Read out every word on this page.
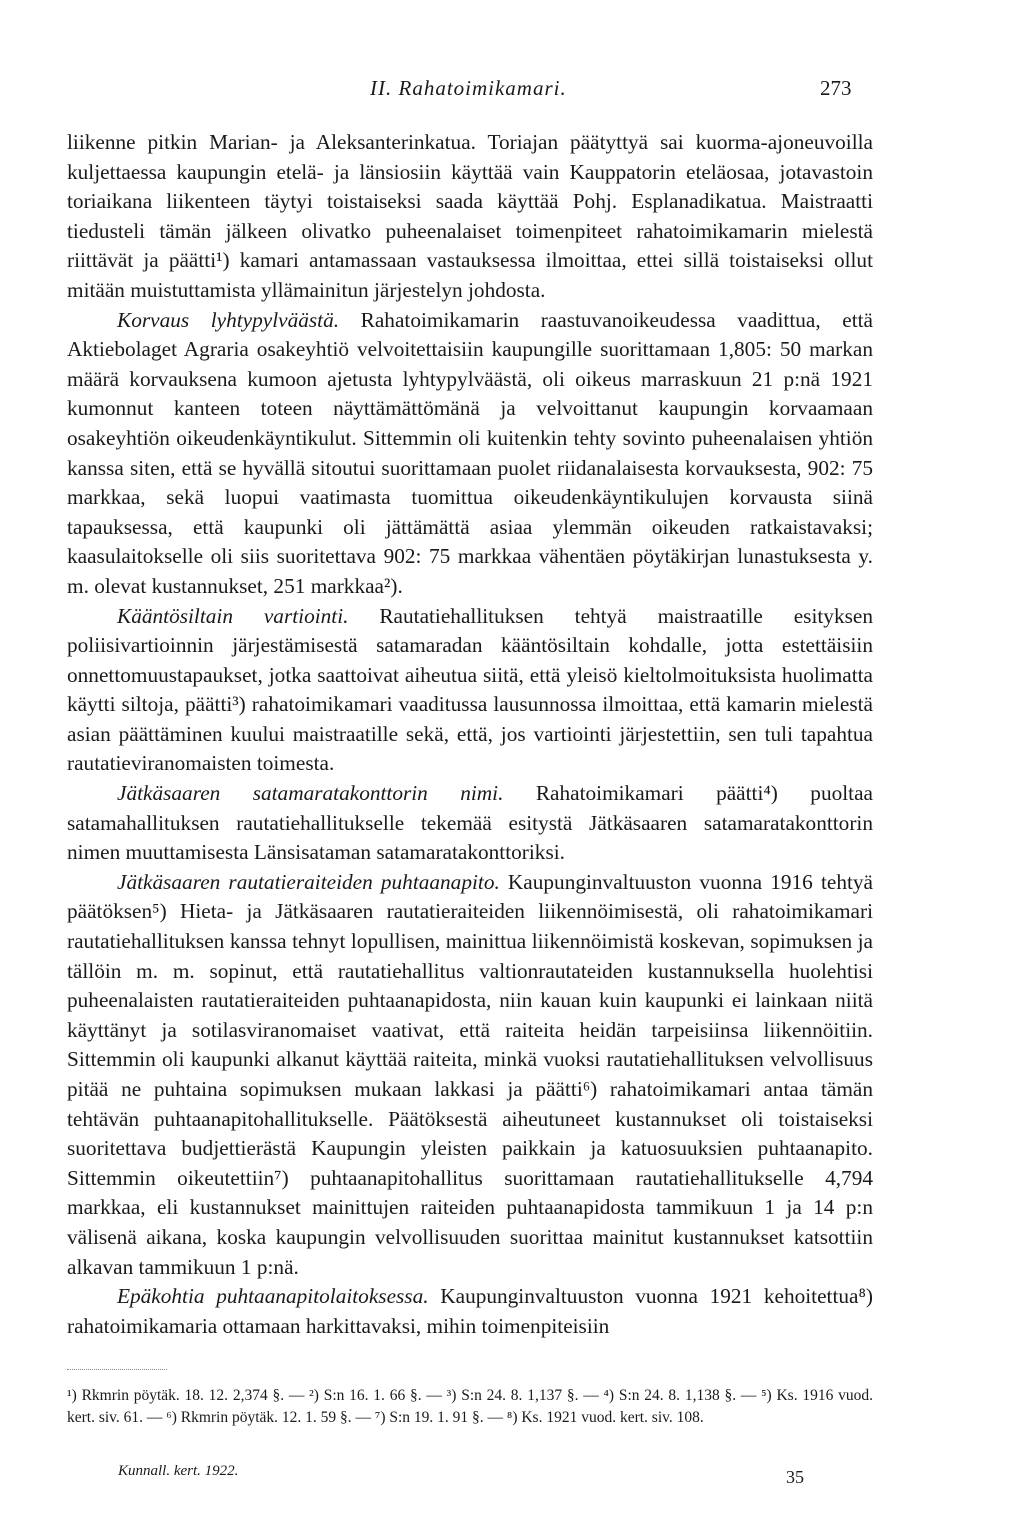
II. Rahatoimikamari.	273

liikenne pitkin Marian- ja Aleksanterinkatua. Toriajan päätyttyä sai kuorma-ajoneuvoilla kuljettaessa kaupungin etelä- ja länsiosiin käyttää vain Kauppatorin eteläosaa, jotavastoin toriaikana liikenteen täytyi toistaiseksi saada käyttää Pohj. Esplanadikatua. Maistraatti tiedusteli tämän jälkeen olivatko puheenalaiset toimenpiteet rahatoimikamarin mielestä riittävät ja päätti¹) kamari antamassaan vastauksessa ilmoittaa, ettei sillä toistaiseksi ollut mitään muistuttamista yllämainitun järjestelyn johdosta.

Korvaus lyhtypylväästä. Rahatoimikamarin raastuvanoikeudessa vaadittua, että Aktiebolaget Agraria osakeyhtiö velvoitettaisiin kaupungille suorittamaan 1,805: 50 markan määrä korvauksena kumoon ajetusta lyhtypylväästä, oli oikeus marraskuun 21 p:nä 1921 kumonnut kanteen toteen näyttämättömänä ja velvoittanut kaupungin korvaamaan osakeyhtiön oikeudenkäyntikulut. Sittemmin oli kuitenkin tehty sovinto puheenalaisen yhtiön kanssa siten, että se hyvällä sitoutui suorittamaan puolet riidanalaisesta korvauksesta, 902: 75 markkaa, sekä luopui vaatimasta tuomittua oikeudenkäyntikulujen korvausta siinä tapauksessa, että kaupunki oli jättämättä asiaa ylemmän oikeuden ratkaistavaksi; kaasulaitokselle oli siis suoritettava 902: 75 markkaa vähentäen pöytäkirjan lunastuksesta y. m. olevat kustannukset, 251 markkaa²).

Kääntösiltain vartiointi. Rautatiehallituksen tehtyä maistraatille esityksen poliisivartioinnin järjestämisestä satamaradan kääntösiltain kohdalle, jotta estettäisiin onnettomuustapaukset, jotka saattoivat aiheutua siitä, että yleisö kieltolmoituksista huolimatta käytti siltoja, päätti³) rahatoimikamari vaaditussa lausunnossa ilmoittaa, että kamarin mielestä asian päättäminen kuului maistraatille sekä, että, jos vartiointi järjestettiin, sen tuli tapahtua rautatieviranomaisten toimesta.

Jätkäsaaren satamaratakonttorin nimi. Rahatoimikamari päätti⁴) puoltaa satamahallituksen rautatiehallitukselle tekemää esitystä Jätkäsaaren satamaratakonttorin nimen muuttamisesta Länsisataman satamaratakonttoriksi.

Jätkäsaaren rautatieraiteiden puhtaanapito. Kaupunginvaltuuston vuonna 1916 tehtyä päätöksen⁵) Hieta- ja Jätkäsaaren rautatieraiteiden liikennöimisestä, oli rahatoimikamari rautatiehallituksen kanssa tehnyt lopullisen, mainittua liikennöimistä koskevan, sopimuksen ja tällöin m. m. sopinut, että rautatiehallitus valtionrautateiden kustannuksella huolehtisi puheenalaisten rautatieraiteiden puhtaanapidosta, niin kauan kuin kaupunki ei lainkaan niitä käyttänyt ja sotilasviranomaiset vaativat, että raiteita heidän tarpeisiinsa liikennöitiin. Sittemmin oli kaupunki alkanut käyttää raiteita, minkä vuoksi rautatiehallituksen velvollisuus pitää ne puhtaina sopimuksen mukaan lakkasi ja päätti⁶) rahatoimikamari antaa tämän tehtävän puhtaanapitohallitukselle. Päätöksestä aiheutuneet kustannukset oli toistaiseksi suoritettava budjettierästä Kaupungin yleisten paikkain ja katuosuuksien puhtaanapito. Sittemmin oikeutettiin⁷) puhtaanapitohallitus suorittamaan rautatiehallitukselle 4,794 markkaa, eli kustannukset mainittujen raiteiden puhtaanapidosta tammikuun 1 ja 14 p:n välisenä aikana, koska kaupungin velvollisuuden suorittaa mainitut kustannukset katsottiin alkavan tammikuun 1 p:nä.

Epäkohtia puhtaanapitolaitoksessa. Kaupunginvaltuuston vuonna 1921 kehoitettua⁸) rahatoimikamaria ottamaan harkittavaksi, mihin toimenpiteisiin

¹) Rkmrin pöytäk. 18. 12. 2,374 §. — ²) S:n 16. 1. 66 §. — ³) S:n 24. 8. 1,137 §. — ⁴) S:n 24. 8. 1,138 §. — ⁵) Ks. 1916 vuod. kert. siv. 61. — ⁶) Rkmrin pöytäk. 12. 1. 59 §. — ⁷) S:n 19. 1. 91 §. — ⁸) Ks. 1921 vuod. kert. siv. 108.
Kunnall. kert. 1922.	35
